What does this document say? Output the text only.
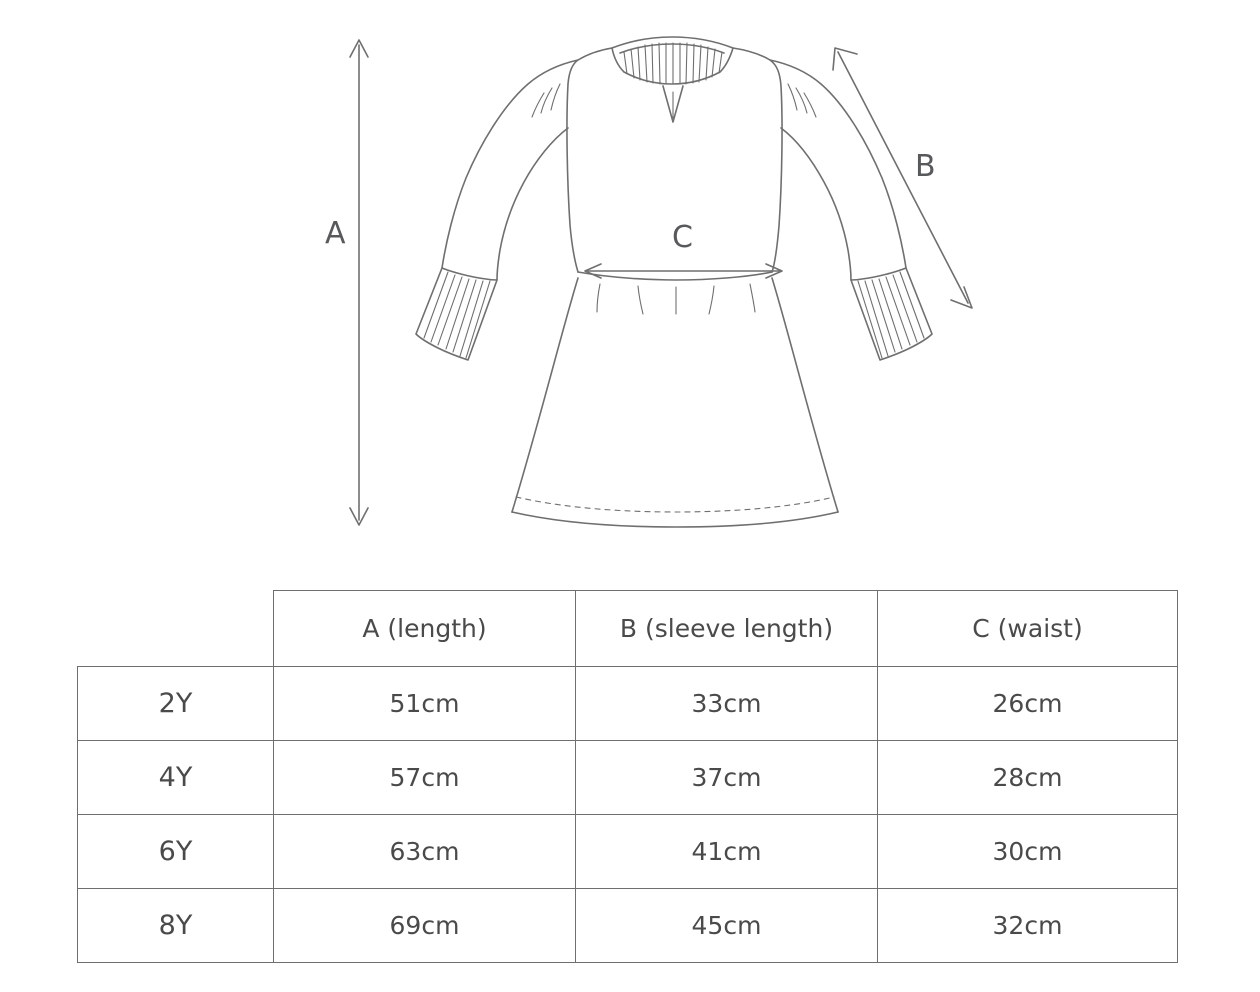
A
B
C
	A (length)	B (sleeve length)	C (waist)
2Y	51cm	33cm	26cm
4Y	57cm	37cm	28cm
6Y	63cm	41cm	30cm
8Y	69cm	45cm	32cm
